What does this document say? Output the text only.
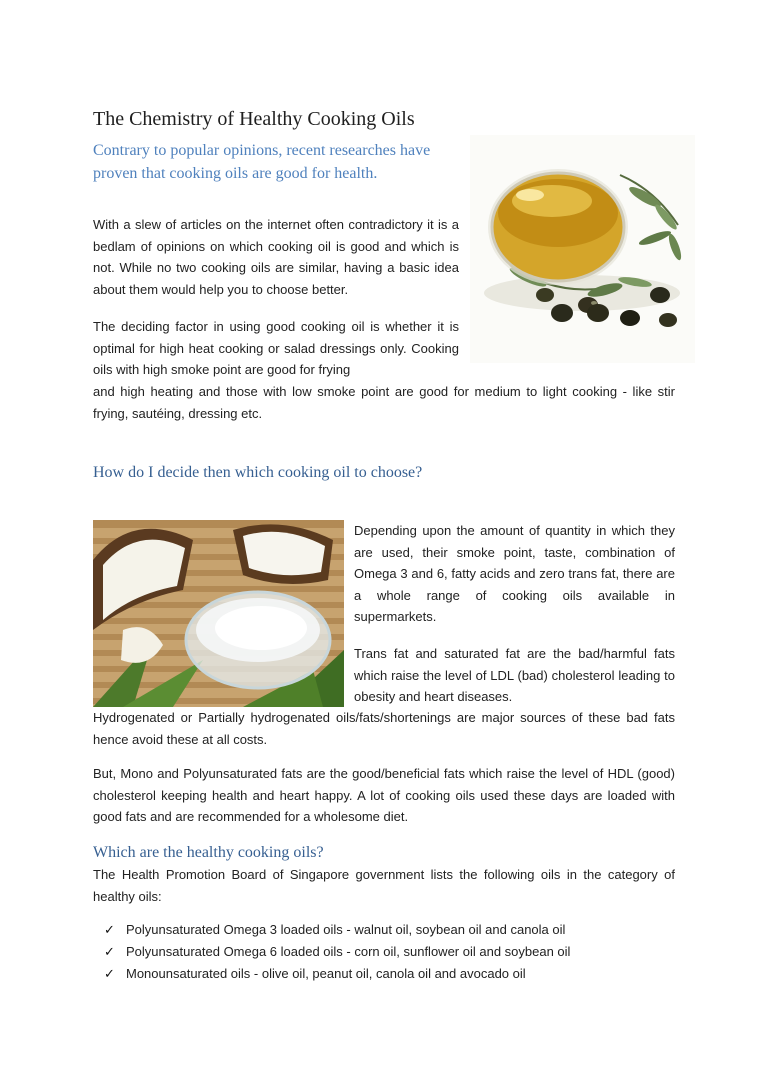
The Chemistry of Healthy Cooking Oils
Contrary to popular opinions, recent researches have proven that cooking oils are good for health.
With a slew of articles on the internet often contradictory it is a bedlam of opinions on which cooking oil is good and which is not. While no two cooking oils are similar, having a basic idea about them would help you to choose better.
The deciding factor in using good cooking oil is whether it is optimal for high heat cooking or salad dressings only. Cooking oils with high smoke point are good for frying
and high heating and those with low smoke point are good for medium to light cooking - like stir frying, sautéing, dressing etc.
How do I decide then which cooking oil to choose?
Depending upon the amount of quantity in which they are used, their smoke point, taste, combination of Omega 3 and 6, fatty acids and zero trans fat, there are a whole range of cooking oils available in supermarkets.
Trans fat and saturated fat are the bad/harmful fats which raise the level of LDL (bad) cholesterol leading to obesity and heart diseases.
Hydrogenated or Partially hydrogenated oils/fats/shortenings are major sources of these bad fats hence avoid these at all costs.
But, Mono and Polyunsaturated fats are the good/beneficial fats which raise the level of HDL (good) cholesterol keeping health and heart happy. A lot of cooking oils used these days are loaded with good fats and are recommended for a wholesome diet.
Which are the healthy cooking oils?
The Health Promotion Board of Singapore government lists the following oils in the category of healthy oils:
✓ Polyunsaturated Omega 3 loaded oils - walnut oil, soybean oil and canola oil
✓ Polyunsaturated Omega 6 loaded oils - corn oil, sunflower oil and soybean oil
✓ Monounsaturated oils - olive oil, peanut oil, canola oil and avocado oil
